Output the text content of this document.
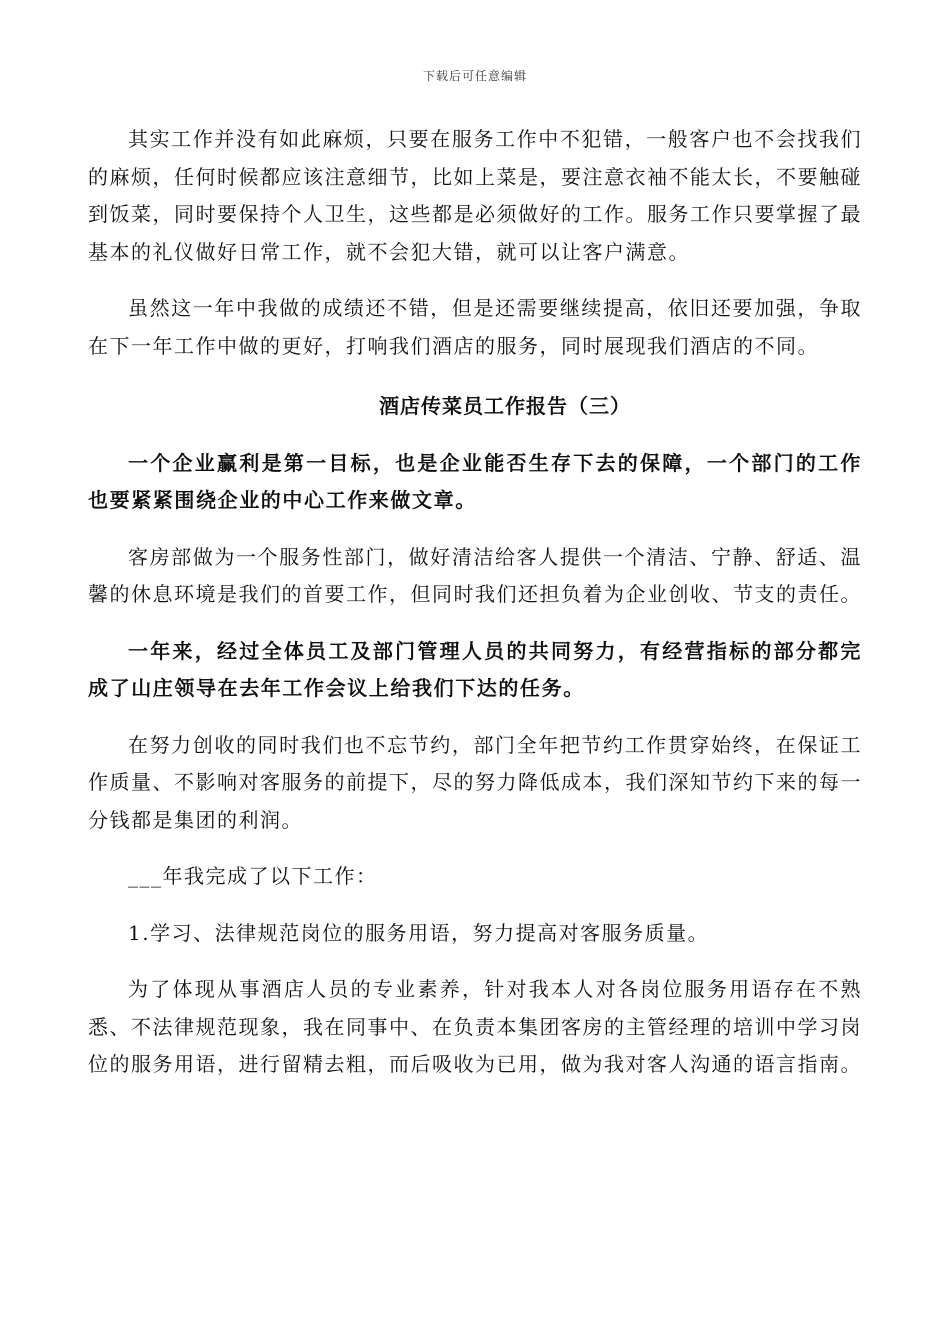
下载后可任意编辑

其实工作并没有如此麻烦，只要在服务工作中不犯错，一般客户也不会找我们的麻烦，任何时候都应该注意细节，比如上菜是，要注意衣袖不能太长，不要触碰到饭菜，同时要保持个人卫生，这些都是必须做好的工作。服务工作只要掌握了最基本的礼仪做好日常工作，就不会犯大错，就可以让客户满意。

虽然这一年中我做的成绩还不错，但是还需要继续提高，依旧还要加强，争取在下一年工作中做的更好，打响我们酒店的服务，同时展现我们酒店的不同。

酒店传菜员工作报告（三）

一个企业赢利是第一目标，也是企业能否生存下去的保障，一个部门的工作也要紧紧围绕企业的中心工作来做文章。

客房部做为一个服务性部门，做好清洁给客人提供一个清洁、宁静、舒适、温馨的休息环境是我们的首要工作，但同时我们还担负着为企业创收、节支的责任。

一年来，经过全体员工及部门管理人员的共同努力，有经营指标的部分都完成了山庄领导在去年工作会议上给我们下达的任务。

在努力创收的同时我们也不忘节约，部门全年把节约工作贯穿始终，在保证工作质量、不影响对客服务的前提下，尽的努力降低成本，我们深知节约下来的每一分钱都是集团的利润。

___年我完成了以下工作：

1.学习、法律规范岗位的服务用语，努力提高对客服务质量。

为了体现从事酒店人员的专业素养，针对我本人对各岗位服务用语存在不熟悉、不法律规范现象，我在同事中、在负责本集团客房的主管经理的培训中学习岗位的服务用语，进行留精去粗，而后吸收为已用，做为我对客人沟通的语言指南。
